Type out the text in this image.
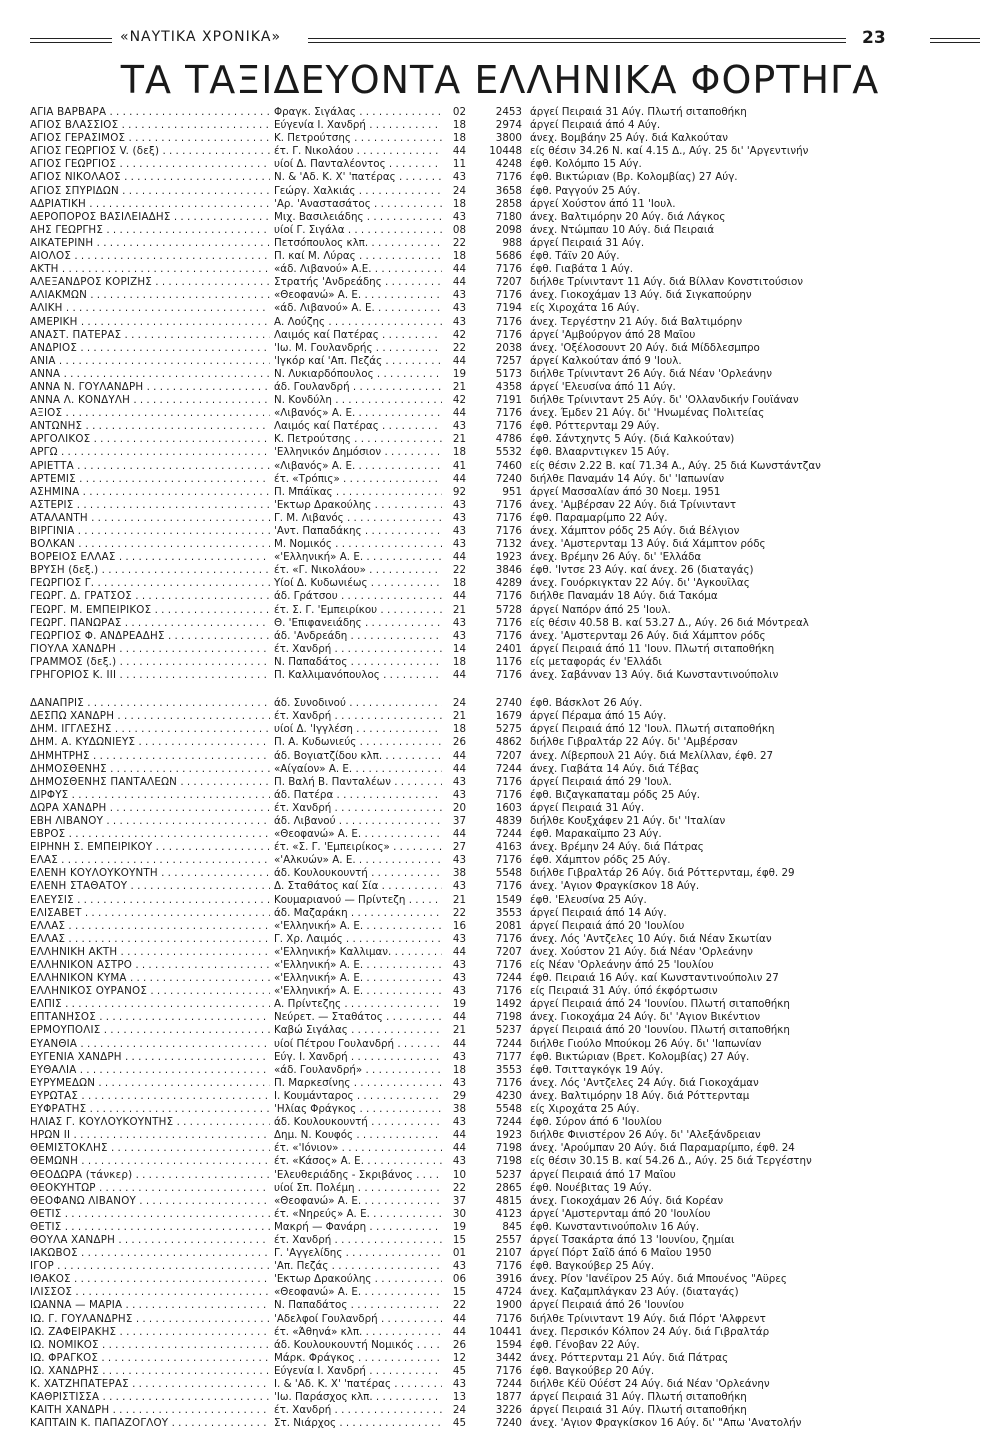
«ΝΑΥΤΙΚΑ ΧΡΟΝΙΚΑ»	23
ΤΑ ΤΑΞΙΔΕΥΟΝΤΑ ΕΛΛΗΝΙΚΑ ΦΟΡΤΗΓΑ
ΑΓΙΑ ΒΑΡΒΑΡΑ . . .	Φραγκ. Σιγάλας . . .	02	2453 άργεί Πειραιά 31 Αύγ. Πλωτή σιταποθήκη
ΑΓΙΟΣ ΒΛΑΣΣΙΟΣ . . .	Εύγενία Ι. Χανδρή . . .	18	2974 άργεί Πειραιά άπό 4 Αύγ.
ΑΓΙΟΣ ΓΕΡΑΣΙΜΟΣ . . .	Κ. Πετρούτσης . . .	18	3800 άνεχ. Βομβάην 25 Αύγ. διά Καλκούταν
ΑΓΙΟΣ ΓΕΩΡΓΙΟΣ V. (δεξ) . . .	έτ. Γ. Νικολάου . . .	44	10448 είς θέσιν 34.26 Ν. καί 4.15 Δ., Αύγ. 25 δι' 'Αργεντινήν
ΑΓΙΟΣ ΓΕΩΡΓΙΟΣ . . .	υίοί Δ. Πανταλέοντος . . .	11	4248 έφθ. Κολόμπο 15 Αύγ.
ΑΓΙΟΣ ΝΙΚΟΛΑΟΣ . . .	Ν. & 'Αδ. Κ. Χ' 'πατέρας . . .	43	7176 έφθ. Βικτώριαν (Βρ. Κολομβίας) 27 Αύγ.
ΑΓΙΟΣ ΣΠΥΡΙΔΩΝ . . .	Γεώργ. Χαλκιάς . . .	24	3658 έφθ. Ραγγούν 25 Αύγ.
ΑΔΡΙΑΤΙΚΗ . . .	'Αρ. 'Αναστασάτος . . .	18	2858 άργεί Χούστον άπό 11 'Ιουλ.
ΑΕΡΟΠΟΡΟΣ ΒΑΣΙΛΕΙΑΔΗΣ . . .	Μιχ. Βασιλειάδης . . .	43	7180 άνεχ. Βαλτιμόρην 20 Αύγ. διά Λάγκος
ΑΗΣ ΓΕΩΡΓΗΣ . . .	υίοί Γ. Σιγάλα . . .	08	2098 άνεχ. Ντώμπαυ 10 Αύγ. διά Πειραιά
ΑΙΚΑΤΕΡΙΝΗ . . .	Πετσόπουλος κλπ. . . .	22	988 άργεί Πειραιά 31 Αύγ.
ΑΙΟΛΟΣ . . .	Π. καί Μ. Λύρας . . .	18	5686 έφθ. Τάϊν 20 Αύγ.
ΑΚΤΗ . . .	«άδ. Λιβανού» Α.Ε. . . .	44	7176 έφθ. Γιαβάτα 1 Αύγ.
ΑΛΕΞΑΝΔΡΟΣ ΚΟΡΙΖΗΣ . . .	Στρατής 'Ανδρεάδης . . .	44	7207 διήλθε Τρίνινταντ 11 Αύγ. διά Βίλλαν Κονστιτούσιον
ΑΛΙΑΚΜΩΝ . . .	«Θεοφανώ» Α. Ε. . . .	43	7176 άνεχ. Γιοκοχάμαν 13 Αύγ. διά Σιγκαπούρην
ΑΛΙΚΗ . . .	«άδ. Λιβανού» Α. Ε. . . .	43	7194 είς Χιροχάτα 16 Αύγ.
ΑΜΕΡΙΚΗ . . .	Α. Λούζης . . .	43	7176 άνεχ. Τεργέστην 21 Αύγ. διά Βαλτιμόρην
ΑΝΑΣΤ. ΠΑΤΕΡΑΣ . . .	Λαιμός καί Πατέρας . . .	42	7176 άργεί 'Αμβούργον άπό 28 Μαΐου
ΑΝΔΡΙΟΣ . . .	'Ιω. Μ. Γουλανδρής . . .	22	2038 άνεχ. 'Οξέλοσουντ 20 Αύγ. διά Μίδδλεσμπρο
ΑΝΙΑ . . .	'Ιγκόρ καί 'Απ. Πεζάς . . .	44	7257 άργεί Καλκούταν άπό 9 'Ιουλ.
ΑΝΝΑ . . .	Ν. Λυκιαρδόπουλος . . .	19	5173 διήλθε Τρίνινταντ 26 Αύγ. διά Νέαν 'Ορλεάνην
ΑΝΝΑ Ν. ΓΟΥΛΑΝΔΡΗ . . .	άδ. Γουλανδρή . . .	21	4358 άργεί 'Ελευσίνα άπό 11 Αύγ.
ΑΝΝΑ Λ. ΚΟΝΔΥΛΗ . . .	Ν. Κονδύλη . . .	42	7191 διήλθε Τρίνινταντ 25 Αύγ. δι' 'Ολλανδικήν Γουϊάναν
ΑΞΙΟΣ . . .	«Λιβανός» Α. Ε. . . .	44	7176 άνεχ. Έμδεν 21 Αύγ. δι' 'Ηνωμένας Πολιτείας
ΑΝΤΩΝΗΣ . . .	Λαιμός καί Πατέρας . . .	43	7176 έφθ. Ρόττερνταμ 29 Αύγ.
ΑΡΓΟΛΙΚΟΣ . . .	Κ. Πετρούτσης . . .	21	4786 έφθ. Σάντχηντς 5 Αύγ. (διά Καλκούταν)
ΑΡΓΩ . . .	'Ελληνικόν Δημόσιον . . .	18	5532 έφθ. Βλααρντιγκεν 15 Αύγ.
ΑΡΙΕΤΤΑ . . .	«Λιβανός» Α. Ε. . . .	41	7460 είς θέσιν 2.22 Β. καί 71.34 Α., Αύγ. 25 διά Κωνστάντζαν
ΑΡΤΕΜΙΣ . . .	έτ. «Τρόπις» . . .	44	7240 διήλθε Παναμάν 14 Αύγ. δι' 'Ιαπωνίαν
ΑΣΗΜΙΝΑ . . .	Π. Μπάϊκας . . .	92	951 άργεί Μασσαλίαν άπό 30 Νοεμ. 1951
ΑΣΤΕΡΙΣ . . .	'Εκτωρ Δρακούλης . . .	43	7176 άνεχ. 'Αμβέρσαν 22 Αύγ. διά Τρίνινταντ
ΑΤΑΛΑΝΤΗ . . .	Γ. Μ. Λιβανός . . .	43	7176 έφθ. Παραμαρίμπο 22 Αύγ.
ΒΙΡΓΙΝΙΑ . . .	'Αντ. Παπαδάκης . . .	43	7176 άνεχ. Χάμπτον ρόδς 25 Αύγ. διά Βέλγιον
ΒΟΛΚΑΝ . . .	Μ. Νομικός . . .	43	7132 άνεχ. 'Αμστερνταμ 13 Αύγ. διά Χάμπτον ρόδς
ΒΟΡΕΙΟΣ ΕΛΛΑΣ . . .	«'Ελληνική» Α. Ε. . . .	44	1923 άνεχ. Βρέμην 26 Αύγ. δι' 'Ελλάδα
ΒΡΥΣΗ (δεξ.) . . .	έτ. «Γ. Νικολάου» . . .	22	3846 έφθ. 'Ιντσε 23 Αύγ. καί άνεχ. 26 (διαταγάς)
ΓΕΩΡΓΙΟΣ Γ. . . .	Υίοί Δ. Κυδωνιέως . . .	18	4289 άνεχ. Γουόρκιγκταν 22 Αύγ. δι' 'Αγκουΐλας
ΓΕΩΡΓ. Δ. ΓΡΑΤΣΟΣ . . .	άδ. Γράτσου . . .	44	7176 διήλθε Παναμάν 18 Αύγ. διά Τακόμα
ΓΕΩΡΓ. Μ. ΕΜΠΕΙΡΙΚΟΣ . . .	έτ. Σ. Γ. 'Εμπειρίκου . . .	21	5728 άργεί Ναπόρν άπό 25 'Ιουλ.
ΓΕΩΡΓ. ΠΑΝΩΡΑΣ . . .	Θ. 'Επιφανειάδης . . .	43	7176 είς θέσιν 40.58 Β. καί 53.27 Δ., Αύγ. 26 διά Μόντρεαλ
ΓΕΩΡΓΙΟΣ Φ. ΑΝΔΡΕΑΔΗΣ . . .	άδ. 'Ανδρεάδη . . .	43	7176 άνεχ. 'Αμστερνταμ 26 Αύγ. διά Χάμπτον ρόδς
ΓΙΟΥΛΑ ΧΑΝΔΡΗ . . .	έτ. Χανδρή . . .	14	2401 άργεί Πειραιά άπό 11 'Ιουν. Πλωτή σιταποθήκη
ΓΡΑΜΜΟΣ (δεξ.) . . .	Ν. Παπαδάτος . . .	18	1176 είς μεταφοράς έν 'Ελλάδι
ΓΡΗΓΟΡΙΟΣ Κ. ΙΙΙ . . .	Π. Καλλιμανόπουλος . . .	44	7176 άνεχ. Σαβάνναν 13 Αύγ. διά Κωνσταντινούπολιν
ΔΑΝΑΠΡΙΣ . . .	άδ. Συνοδινού . . .	24	2740 έφθ. Βάσκλοτ 26 Αύγ.
ΔΕΣΠΩ ΧΑΝΔΡΗ . . .	έτ. Χανδρή . . .	21	1679 άργεί Πέραμα άπό 15 Αύγ.
ΔΗΜ. ΙΓΓΛΕΣΗΣ . . .	υίοί Δ. 'Ιγγλέση . . .	18	5275 άργεί Πειραιά άπό 12 'Ιουλ. Πλωτή σιταποθήκη
ΔΗΜ. Α. ΚΥΔΩΝΙΕΥΣ . . .	Π. Α. Κυδωνιεύς . . .	26	4862 διήλθε Γιβραλτάρ 22 Αύγ. δι' 'Αμβέρσαν
ΔΗΜΗΤΡΗΣ . . .	άδ. Βογιατζίδου κλπ. . . .	44	7207 άνεχ. Λίβερπουλ 21 Αύγ. διά Μελίλλαν, έφθ. 27
ΔΗΜΟΣΘΕΝΗΣ . . .	«Αίγαίον» Α. Ε. . . .	44	7244 άνεχ. Γιαβάτα 14 Αύγ. διά Τέβας
ΔΗΜΟΣΘΕΝΗΣ ΠΑΝΤΑΛΕΩΝ . . .	Π. Βαλή Β. Πανταλέων . . .	43	7176 άργεί Πειραιά άπό 29 'Ιουλ.
ΔΙΡΦΥΣ . . .	άδ. Πατέρα . . .	43	7176 έφθ. Βιζαγκαπαταμ ρόδς 25 Αύγ.
ΔΩΡΑ ΧΑΝΔΡΗ . . .	έτ. Χανδρή . . .	20	1603 άργεί Πειραιά 31 Αύγ.
ΕΒΗ ΛΙΒΑΝΟΥ . . .	άδ. Λιβανού . . .	37	4839 διήλθε Κουξχάφεν 21 Αύγ. δι' 'Ιταλίαν
ΕΒΡΟΣ . . .	«Θεοφανώ» Α. Ε. . . .	44	7244 έφθ. Μαρακαϊμπο 23 Αύγ.
ΕΙΡΗΝΗ Σ. ΕΜΠΕΙΡΙΚΟΥ . . .	έτ. «Σ. Γ. 'Εμπειρίκος» . . .	27	4163 άνεχ. Βρέμην 24 Αύγ. διά Πάτρας
ΕΛΑΣ . . .	«'Αλκυών» Α. Ε. . . .	43	7176 έφθ. Χάμπτον ρόδς 25 Αύγ.
ΕΛΕΝΗ ΚΟΥΛΟΥΚΟΥΝΤΗ . . .	άδ. Κουλουκουντή . . .	38	5548 διήλθε Γιβραλτάρ 26 Αύγ. διά Ρόττερνταμ, έφθ. 29
ΕΛΕΝΗ ΣΤΑΘΑΤΟΥ . . .	Δ. Σταθάτος καί Σία . . .	43	7176 άνεχ. 'Αγιον Φραγκίσκον 18 Αύγ.
ΕΛΕΥΣΙΣ . . .	Κουμαριανού — Πρίντεζη . . .	21	1549 έφθ. 'Ελευσίνα 25 Αύγ.
ΕΛΙΣΑΒΕΤ . . .	άδ. Μαζαράκη . . .	22	3553 άργεί Πειραιά άπό 14 Αύγ.
ΕΛΛΑΣ . . .	«'Ελληνική» Α. Ε. . . .	16	2081 άργεί Πειραιά άπό 20 'Ιουλίου
ΕΛΛΑΣ . . .	Γ. Χρ. Λαιμός . . .	43	7176 άνεχ. Λός 'Αντζελες 10 Αύγ. διά Νέαν Σκωτίαν
ΕΛΛΗΝΙΚΗ ΑΚΤΗ . . .	«'Ελληνική» Καλλιμαν. . . .	44	7207 άνεχ. Χούστον 21 Αύγ. διά Νέαν 'Ορλεάνην
ΕΛΛΗΝΙΚΟΝ ΑΣΤΡΟ . . .	«'Ελληνική» Α. Ε. . . .	43	7176 είς Νέαν 'Ορλεάνην άπό 25 'Ιουλίου
ΕΛΛΗΝΙΚΟΝ ΚΥΜΑ . . .	«'Ελληνική» Α. Ε. . . .	43	7244 έφθ. Πειραιά 16 Αύγ. καί Κωνσταντινούπολιν 27
ΕΛΛΗΝΙΚΟΣ ΟΥΡΑΝΟΣ . . .	«'Ελληνική» Α. Ε. . . .	43	7176 είς Πειραιά 31 Αύγ. ύπό έκφόρτωσιν
ΕΛΠΙΣ . . .	Α. Πρίντεζης . . .	19	1492 άργεί Πειραιά άπό 24 'Ιουνίου. Πλωτή σιταποθήκη
ΕΠΤΑΝΗΣΟΣ . . .	Νεύρετ. — Σταθάτος . . .	44	7198 άνεχ. Γιοκοχάμα 24 Αύγ. δι' 'Αγιον Βικέντιον
ΕΡΜΟΥΠΟΛΙΣ . . .	Καβώ Σιγάλας . . .	21	5237 άργεί Πειραιά άπό 20 'Ιουνίου. Πλωτή σιταποθήκη
ΕΥΑΝΘΙΑ . . .	υίοί Πέτρου Γουλανδρή . . .	44	7244 διήλθε Γιούλο Μπούκομ 26 Αύγ. δι' 'Ιαπωνίαν
ΕΥΓΕΝΙΑ ΧΑΝΔΡΗ . . .	Εύγ. Ι. Χανδρή . . .	43	7177 έφθ. Βικτώριαν (Βρετ. Κολομβίας) 27 Αύγ.
ΕΥΘΑΛΙΑ . . .	«άδ. Γουλανδρή» . . .	18	3553 έφθ. Τσιτταγκόγκ 19 Αύγ.
ΕΥΡΥΜΕΔΩΝ . . .	Π. Μαρκεσίνης . . .	43	7176 άνεχ. Λός 'Αντζελες 24 Αύγ. διά Γιοκοχάμαν
ΕΥΡΩΤΑΣ . . .	Ι. Κουμάνταρος . . .	29	4230 άνεχ. Βαλτιμόρην 18 Αύγ. διά Ρόττερνταμ
ΕΥΦΡΑΤΗΣ . . .	'Ηλίας Φράγκος . . .	38	5548 είς Χιροχάτα 25 Αύγ.
ΗΛΙΑΣ Γ. ΚΟΥΛΟΥΚΟΥΝΤΗΣ . . .	άδ. Κουλουκουντή . . .	43	7244 έφθ. Σύρον άπό 6 'Ιουλίου
ΗΡΩΝ ΙΙ . . .	Δημ. Ν. Κουφός . . .	44	1923 διήλθε Φινιστέρον 26 Αύγ. δι' 'Αλεξάνδρειαν
ΘΕΜΙΣΤΟΚΛΗΣ . . .	έτ. «'Ιόνιον» . . .	44	7198 άνεχ. 'Αρούμπαν 20 Αύγ. διά Παραμαρίμπο, έφθ. 24
ΘΕΜΩΝΗ . . .	έτ. «Κάσος» Α. Ε. . . .	43	7198 είς θέσιν 30.15 Β. καί 54.26 Δ., Αύγ. 25 διά Τεργέστην
ΘΕΟΔΩΡΑ (τάνκερ) . . .	'Ελευθεριάδης - Σκριβάνος . . .	10	5237 άργεί Πειραιά άπό 17 Μαΐου
ΘΕΟΚΥΗΤΩΡ . . .	υίοί Σπ. Πολέμη . . .	22	2865 έφθ. Νουέβιτας 19 Αύγ.
ΘΕΟΦΑΝΩ ΛΙΒΑΝΟΥ . . .	«Θεοφανώ» Α. Ε. . . .	37	4815 άνεχ. Γιοκοχάμαν 26 Αύγ. διά Κορέαν
ΘΕΤΙΣ . . .	έτ. «Νηρεύς» Α. Ε. . . .	30	4123 άργεί 'Αμστερνταμ άπό 20 'Ιουλίου
ΘΕΤΙΣ . . .	Μακρή — Φανάρη . . .	19	845 έφθ. Κωνσταντινούπολιν 16 Αύγ.
ΘΟΥΛΑ ΧΑΝΔΡΗ . . .	έτ. Χανδρή . . .	15	2557 άργεί Τσακάρτα άπό 13 'Ιουνίου, ζημίαι
ΙΑΚΩΒΟΣ . . .	Γ. 'Αγγελίδης . . .	01	2107 άργεί Πόρτ Σαΐδ άπό 6 Μαΐου 1950
ΙΓΟΡ . . .	'Απ. Πεζάς . . .	43	7176 έφθ. Βαγκούβερ 25 Αύγ.
ΙΘΑΚΟΣ . . .	'Εκτωρ Δρακούλης . . .	06	3916 άνεχ. Ρίον 'Ιανέϊρον 25 Αύγ. διά Μπουένος "Αϋρες
ΙΛΙΣΣΟΣ . . .	«Θεοφανώ» Α. Ε. . . .	15	4724 άνεχ. Καζαμπλάγκαν 23 Αύγ. (διαταγάς)
ΙΩΑΝΝΑ — ΜΑΡΙΑ . . .	Ν. Παπαδάτος . . .	22	1900 άργεί Πειραιά άπό 26 'Ιουνίου
ΙΩ. Γ. ΓΟΥΛΑΝΔΡΗΣ . . .	'Αδελφοί Γουλανδρή . . .	44	7176 διήλθε Τρίνινταντ 19 Αύγ. διά Πόρτ 'Αλφρεντ
ΙΩ. ΖΑΦΕΙΡΑΚΗΣ . . .	έτ. «Άθηνά» κλπ. . . .	44	10441 άνεχ. Περσικόν Κόλπον 24 Αύγ. διά Γιβραλτάρ
ΙΩ. ΝΟΜΙΚΟΣ . . .	άδ. Κουλουκουντή Νομικός . . .	26	1594 έφθ. Γένοβαν 22 Αύγ.
ΙΩ. ΦΡΑΓΚΟΣ . . .	Μάρκ. Φράγκος . . .	12	3442 άνεχ. Ρόττερνταμ 21 Αύγ. διά Πάτρας
ΙΩ. ΧΑΝΔΡΗΣ . . .	Εύγενία Ι. Χανδρή . . .	45	7176 έφθ. Βαγκούβερ 20 Αύγ.
Κ. ΧΑΤΖΗΠΑΤΕΡΑΣ . . .	Ι. & 'Αδ. Κ. Χ' 'πατέρας . . .	43	7244 διήλθε Κέϋ Ούέστ 24 Αύγ. διά Νέαν 'Ορλεάνην
ΚΑΘΡΙΣΤΙΣΣΑ . . .	'Ιω. Παράσχος κλπ. . . .	13	1877 άργεί Πειραιά 31 Αύγ. Πλωτή σιταποθήκη
ΚΑΙΤΗ ΧΑΝΔΡΗ . . .	έτ. Χανδρή . . .	24	3226 άργεί Πειραιά 31 Αύγ. Πλωτή σιταποθήκη
ΚΑΠΤΑΙΝ Κ. ΠΑΠΑΖΟΓΛΟΥ . . .	Στ. Νιάρχος . . .	45	7240 άνεχ. 'Αγιον Φραγκίσκον 16 Αύγ. δι' "Απω 'Ανατολήν
